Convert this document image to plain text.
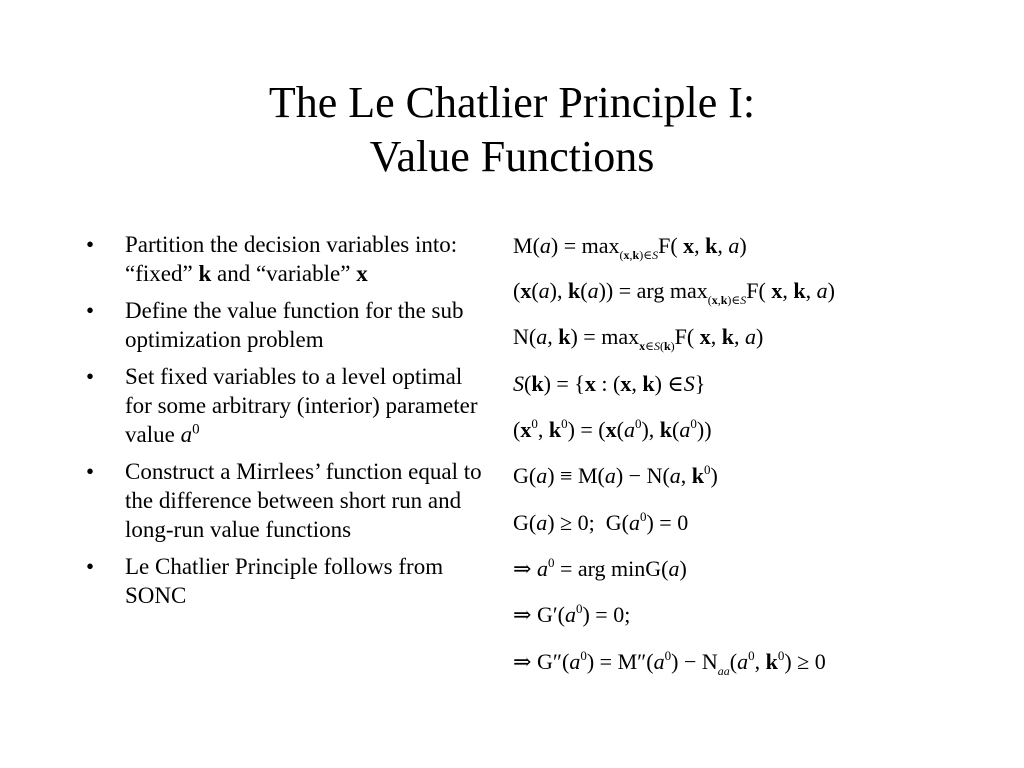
The Le Chatlier Principle I:
Value Functions
• Partition the decision variables into: “fixed” k and “variable” x
• Define the value function for the sub optimization problem
• Set fixed variables to a level optimal for some arbitrary (interior) parameter value $a^0$
• Construct a Mirrlees’ function equal to the difference between short run and long-run value functions
• Le Chatlier Principle follows from SONC
$M(a) = \max_{(x,k)\in S}F$( x, k, a)
(x(a), k(a)) = arg $\max_{(x,k)\in S}F$( x, k, a)
N(a, $k) = \max_{x\in S(k)}F$( x, k, a)
S(k) = {x : (x, k) ∈S}
($x^0$, $k^0) = (x(a^0)$, $k(a^0)$)
G(a) ≡ M(a) − N(a, $k^0$)
G(a) ≥ 0;  $G(a^0) = 0$
⇒ $a^0$ = arg minG(a)
⇒ $G'(a^0) = 0$;
⇒ $G''(a^0) = M''(a^0) - N_{aa}(a^0$, $k^0) \ge 0$
